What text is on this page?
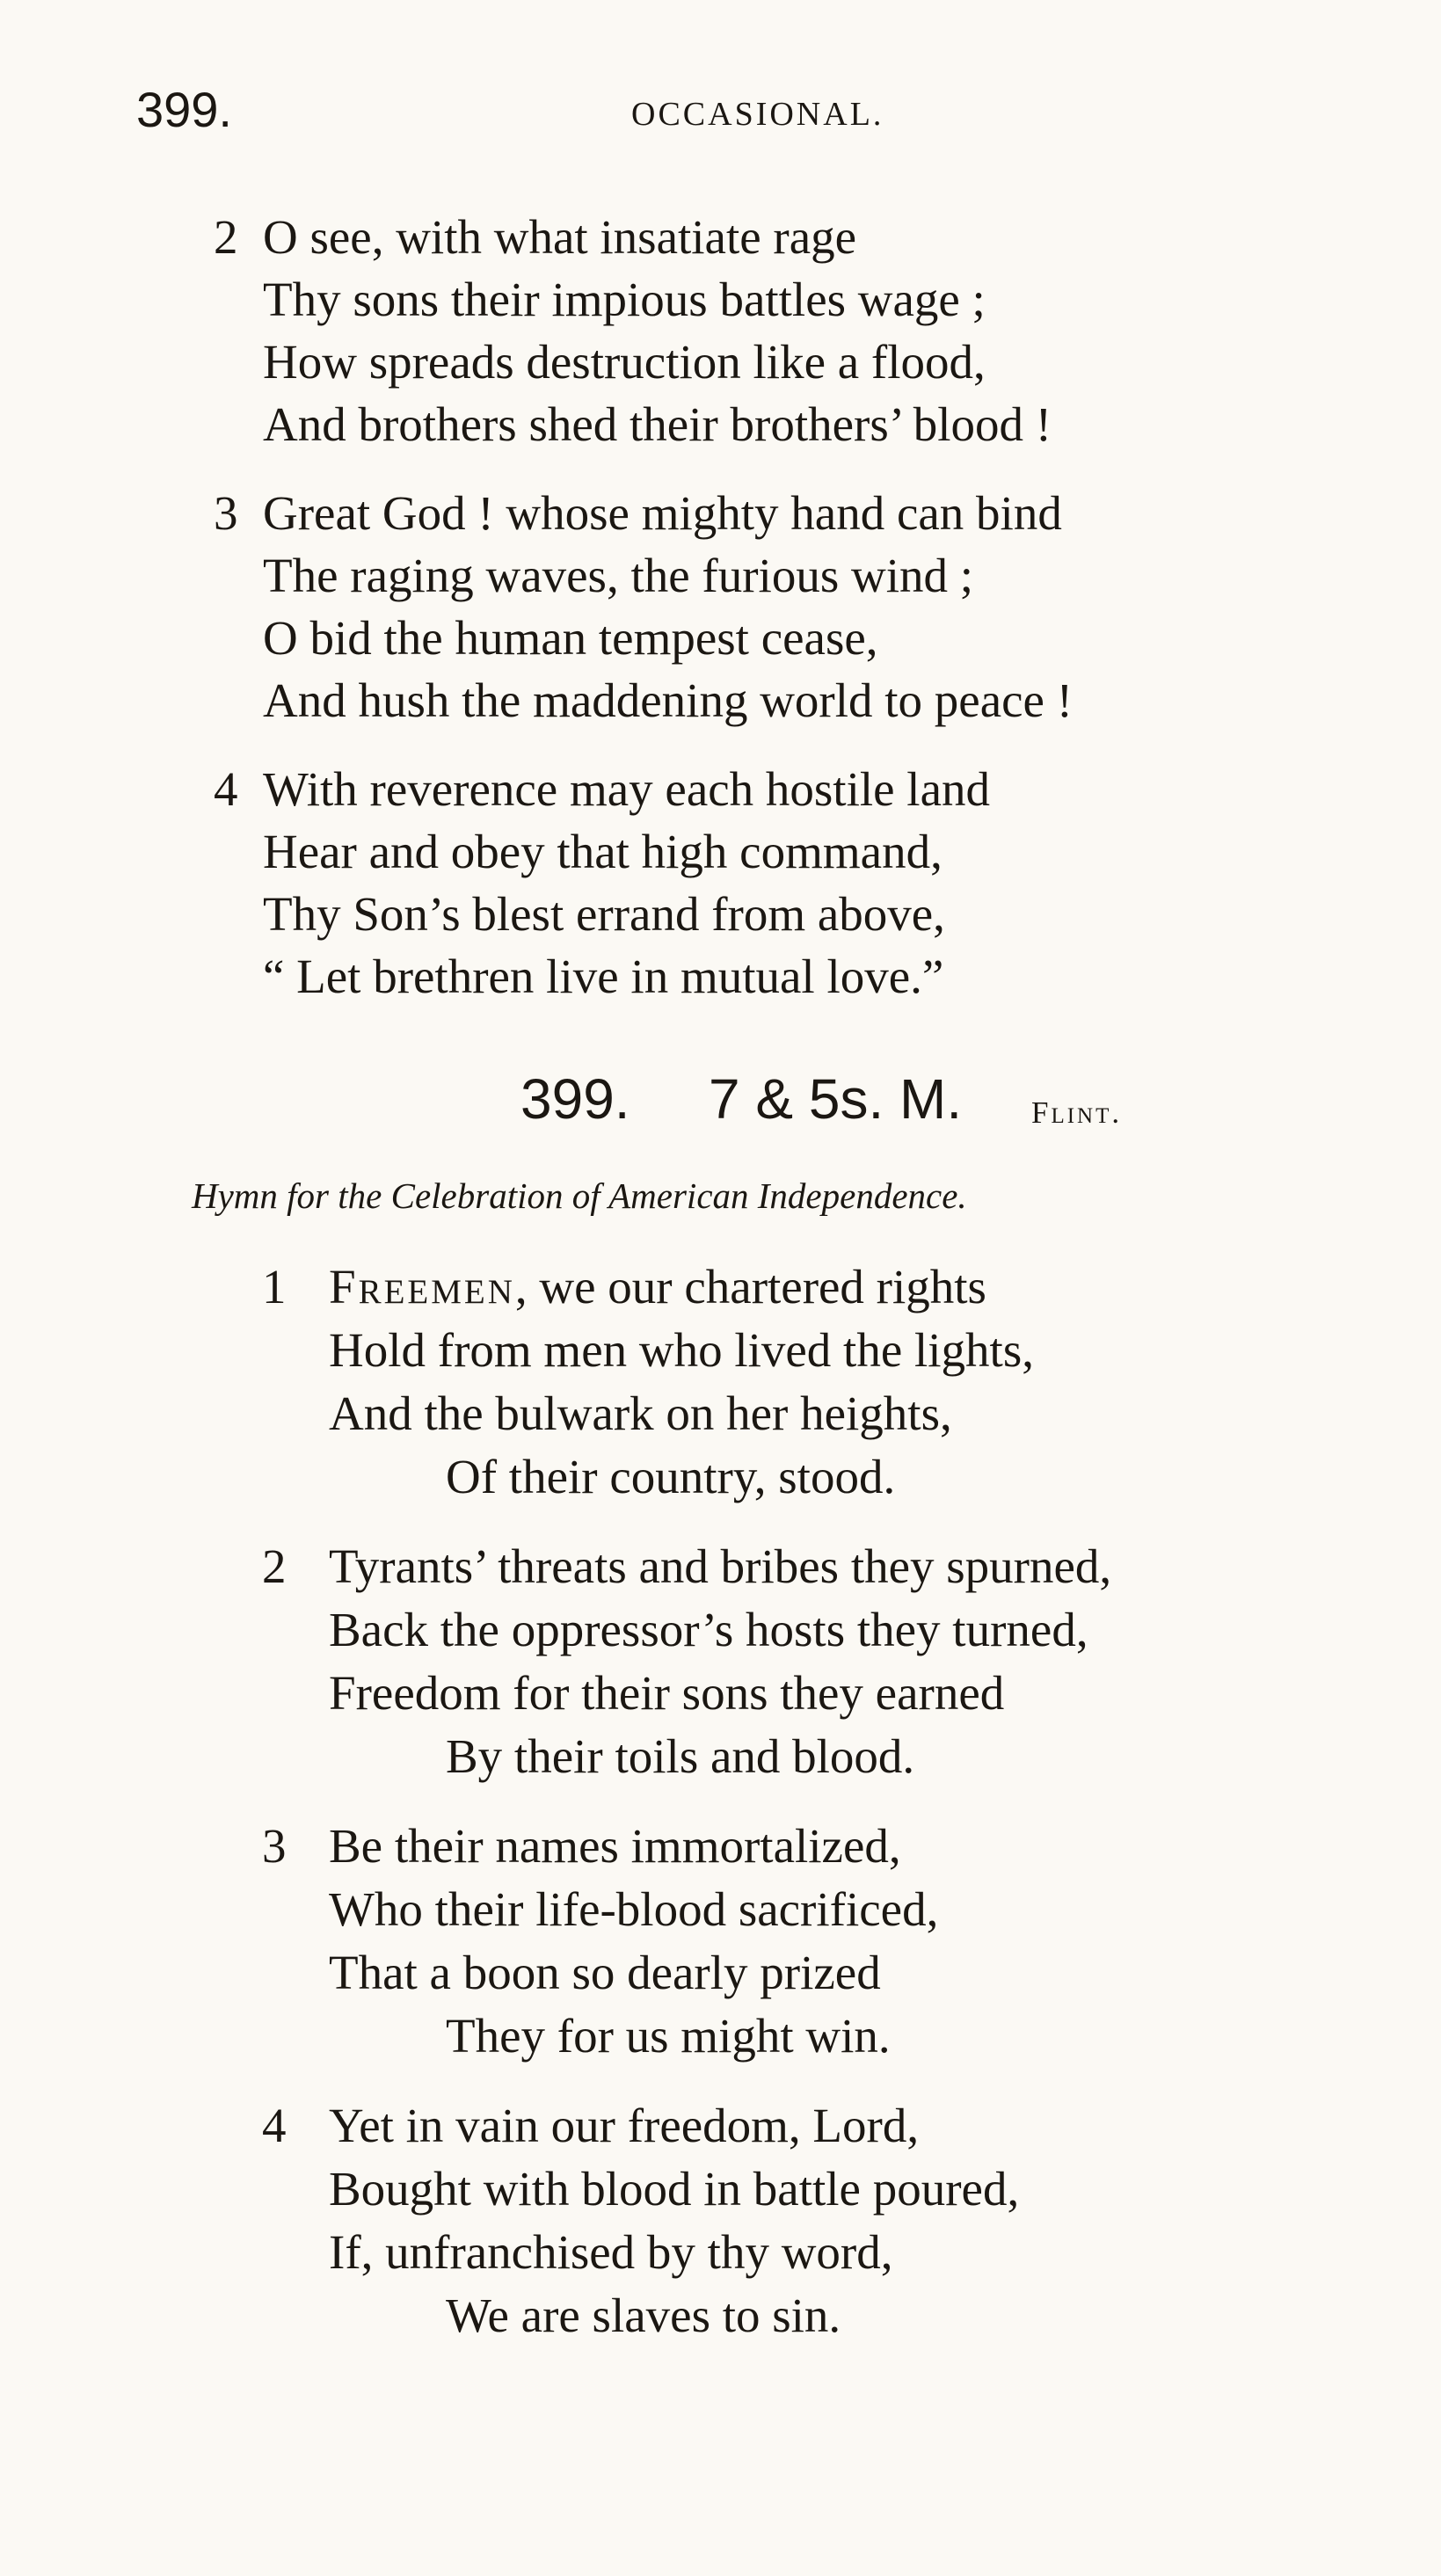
399.	OCCASIONAL.
2 O see, with what insatiate rage
Thy sons their impious battles wage ;
How spreads destruction like a flood,
And brothers shed their brothers’ blood !
3 Great God ! whose mighty hand can bind
The raging waves, the furious wind ;
O bid the human tempest cease,
And hush the maddening world to peace !
4 With reverence may each hostile land
Hear and obey that high command,
Thy Son’s blest errand from above,
“ Let brethren live in mutual love.”
399. 7 & 5s. M. Flint.
Hymn for the Celebration of American Independence.
1 Freemen, we our chartered rights
Hold from men who lived the lights,
And the bulwark on her heights,
Of their country, stood.
2 Tyrants’ threats and bribes they spurned,
Back the oppressor’s hosts they turned,
Freedom for their sons they earned
By their toils and blood.
3 Be their names immortalized,
Who their life-blood sacrificed,
That a boon so dearly prized
They for us might win.
4 Yet in vain our freedom, Lord,
Bought with blood in battle poured,
If, unfranchised by thy word,
We are slaves to sin.
